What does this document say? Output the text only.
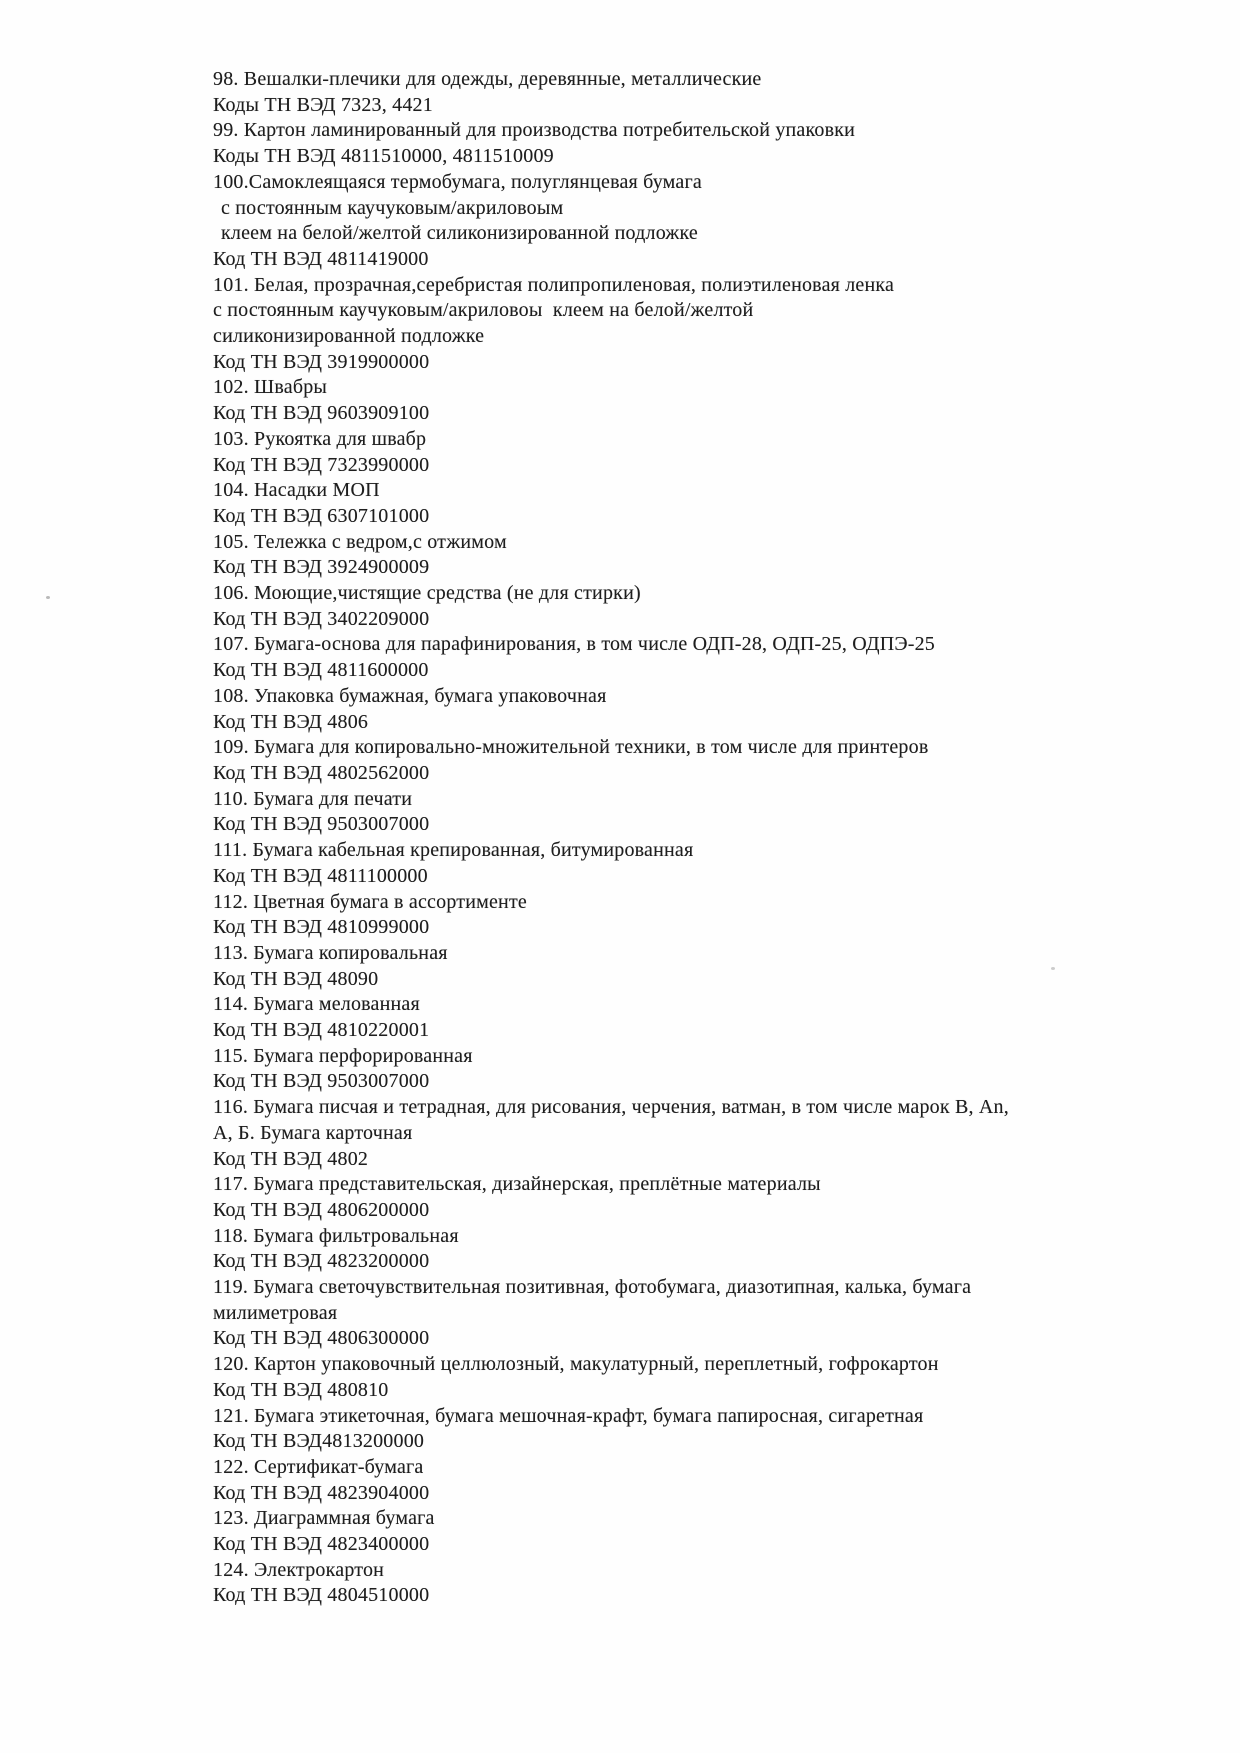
98. Вешалки-плечики для одежды, деревянные, металлические
Коды ТН ВЭД 7323, 4421
99. Картон ламинированный для производства потребительской упаковки
Коды ТН ВЭД 4811510000, 4811510009
100.Самоклеящаяся термобумага, полуглянцевая бумага
с постоянным каучуковым/акриловоым
клеем на белой/желтой силиконизированной подложке
Код ТН ВЭД 4811419000
101. Белая, прозрачная,серебристая полипропиленовая, полиэтиленовая ленка
с постоянным каучуковым/акриловоы  клеем на белой/желтой
силиконизированной подложке
Код ТН ВЭД 3919900000
102. Швабры
Код ТН ВЭД 9603909100
103. Рукоятка для швабр
Код ТН ВЭД 7323990000
104. Насадки МОП
Код ТН ВЭД 6307101000
105. Тележка с ведром,с отжимом
Код ТН ВЭД 3924900009
106. Моющие,чистящие средства (не для стирки)
Код ТН ВЭД 3402209000
107. Бумага-основа для парафинирования, в том числе ОДП-28, ОДП-25, ОДПЭ-25
Код ТН ВЭД 4811600000
108. Упаковка бумажная, бумага упаковочная
Код ТН ВЭД 4806
109. Бумага для копировально-множительной техники, в том числе для принтеров
Код ТН ВЭД 4802562000
110. Бумага для печати
Код ТН ВЭД 9503007000
111. Бумага кабельная крепированная, битумированная
Код ТН ВЭД 4811100000
112. Цветная бумага в ассортименте
Код ТН ВЭД 4810999000
113. Бумага копировальная
Код ТН ВЭД 48090
114. Бумага мелованная
Код ТН ВЭД 4810220001
115. Бумага перфорированная
Код ТН ВЭД 9503007000
116. Бумага писчая и тетрадная, для рисования, черчения, ватман, в том числе марок В, Аn,
А, Б. Бумага карточная
Код ТН ВЭД 4802
117. Бумага представительская, дизайнерская, преплётные материалы
Код ТН ВЭД 4806200000
118. Бумага фильтровальная
Код ТН ВЭД 4823200000
119. Бумага светочувствительная позитивная, фотобумага, диазотипная, калька, бумага
милиметровая
Код ТН ВЭД 4806300000
120. Картон упаковочный целлюлозный, макулатурный, переплетный, гофрокартон
Код ТН ВЭД 480810
121. Бумага этикеточная, бумага мешочная-крафт, бумага папиросная, сигаретная
Код ТН ВЭД4813200000
122. Сертификат-бумага
Код ТН ВЭД 4823904000
123. Диаграммная бумага
Код ТН ВЭД 4823400000
124. Электрокартон
Код ТН ВЭД 4804510000
